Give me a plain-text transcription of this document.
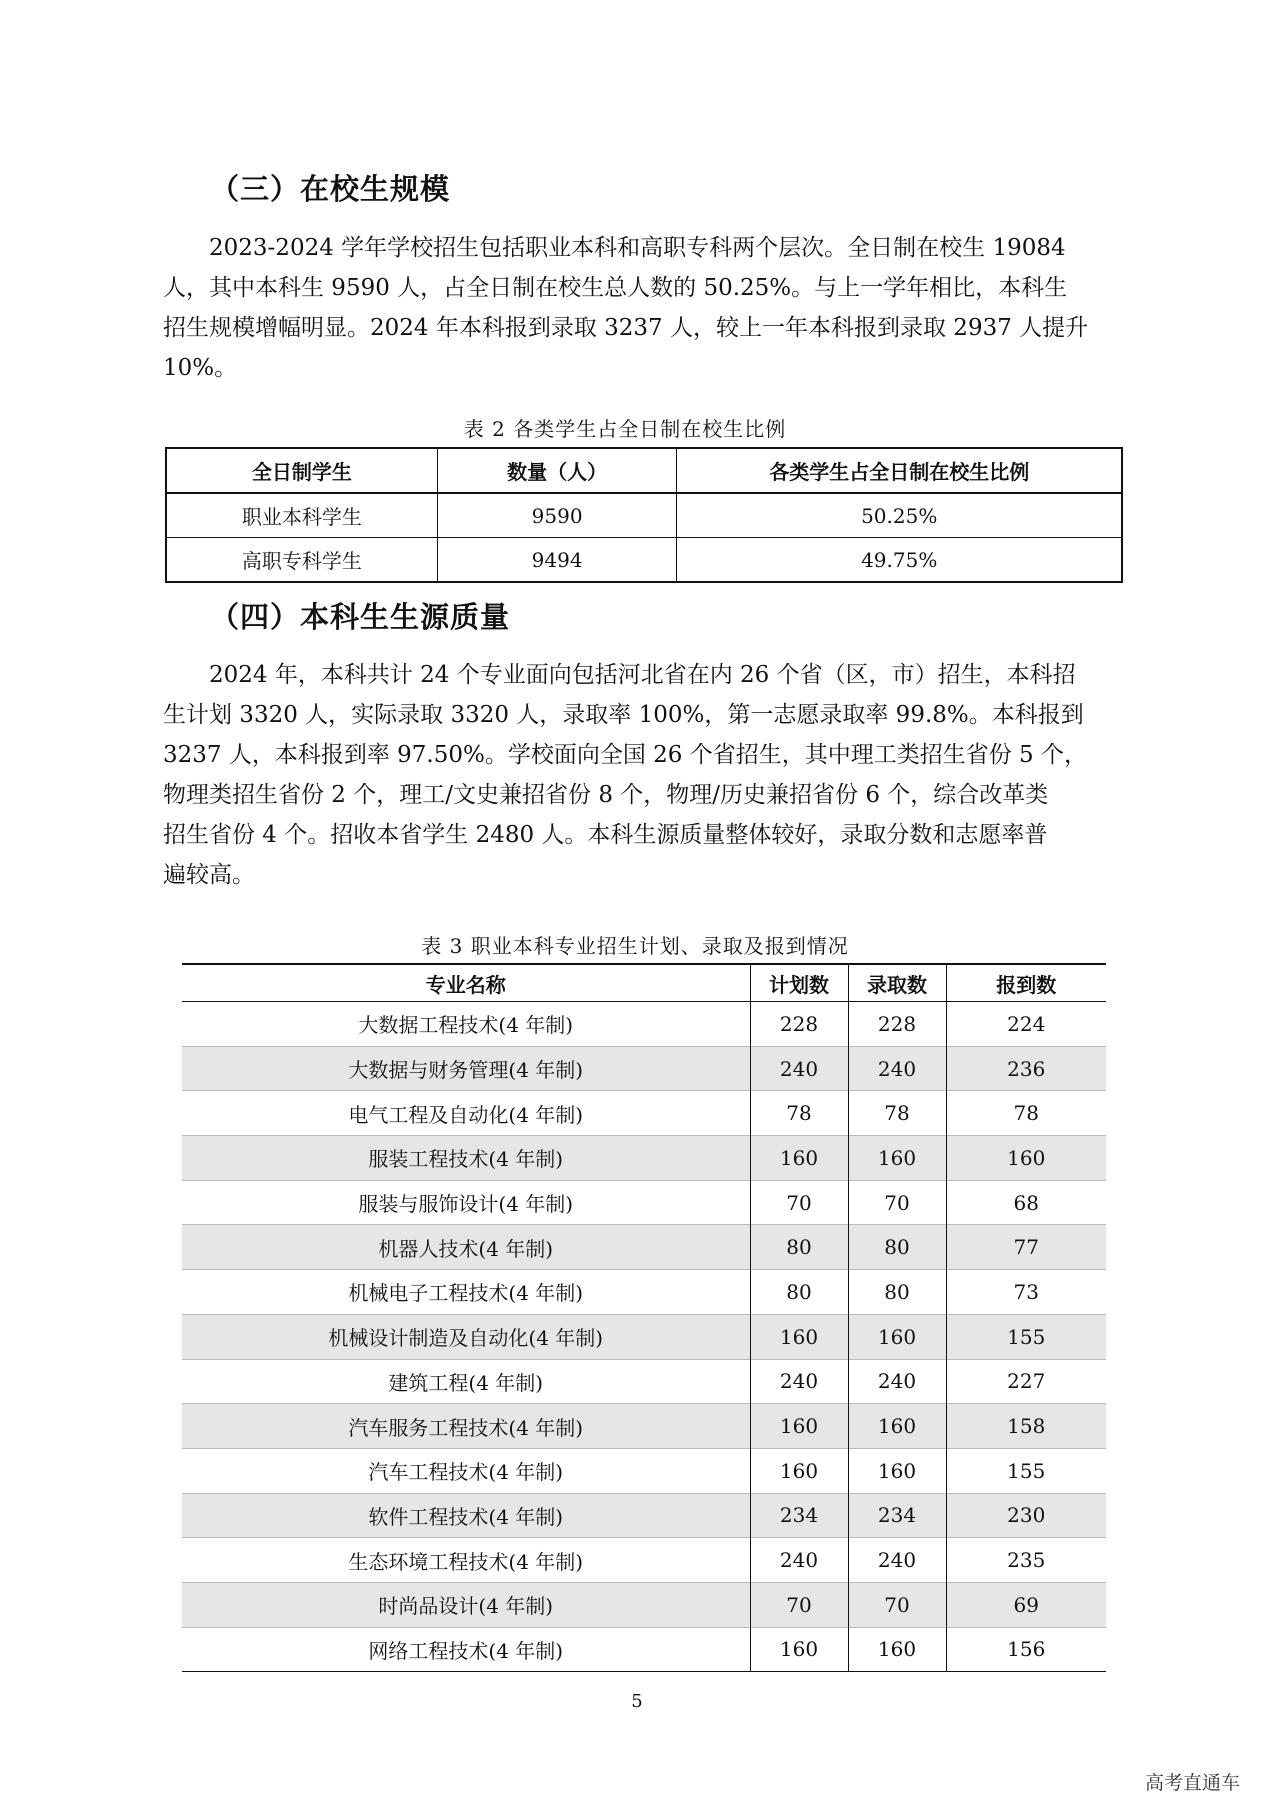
（三）在校生规模

2023-2024 学年学校招生包括职业本科和高职专科两个层次。全日制在校生 19084
人，其中本科生 9590 人，占全日制在校生总人数的 50.25%。与上一学年相比，本科生
招生规模增幅明显。2024 年本科报到录取 3237 人，较上一年本科报到录取 2937 人提升
10%。

表 2 各类学生占全日制在校生比例
全日制学生	数量（人）	各类学生占全日制在校生比例
职业本科学生	9590	50.25%
高职专科学生	9494	49.75%
（四）本科生生源质量

2024 年，本科共计 24 个专业面向包括河北省在内 26 个省（区，市）招生，本科招
生计划 3320 人，实际录取 3320 人，录取率 100%，第一志愿录取率 99.8%。本科报到
3237 人，本科报到率 97.50%。学校面向全国 26 个省招生，其中理工类招生省份 5 个，
物理类招生省份 2 个，理工/文史兼招省份 8 个，物理/历史兼招省份 6 个，综合改革类
招生省份 4 个。招收本省学生 2480 人。本科生源质量整体较好，录取分数和志愿率普
遍较高。

表 3 职业本科专业招生计划、录取及报到情况
专业名称	计划数	录取数	报到数
大数据工程技术(4 年制)	228	228	224
大数据与财务管理(4 年制)	240	240	236
电气工程及自动化(4 年制)	78	78	78
服装工程技术(4 年制)	160	160	160
服装与服饰设计(4 年制)	70	70	68
机器人技术(4 年制)	80	80	77
机械电子工程技术(4 年制)	80	80	73
机械设计制造及自动化(4 年制)	160	160	155
建筑工程(4 年制)	240	240	227
汽车服务工程技术(4 年制)	160	160	158
汽车工程技术(4 年制)	160	160	155
软件工程技术(4 年制)	234	234	230
生态环境工程技术(4 年制)	240	240	235
时尚品设计(4 年制)	70	70	69
网络工程技术(4 年制)	160	160	156
5
高考直通车
